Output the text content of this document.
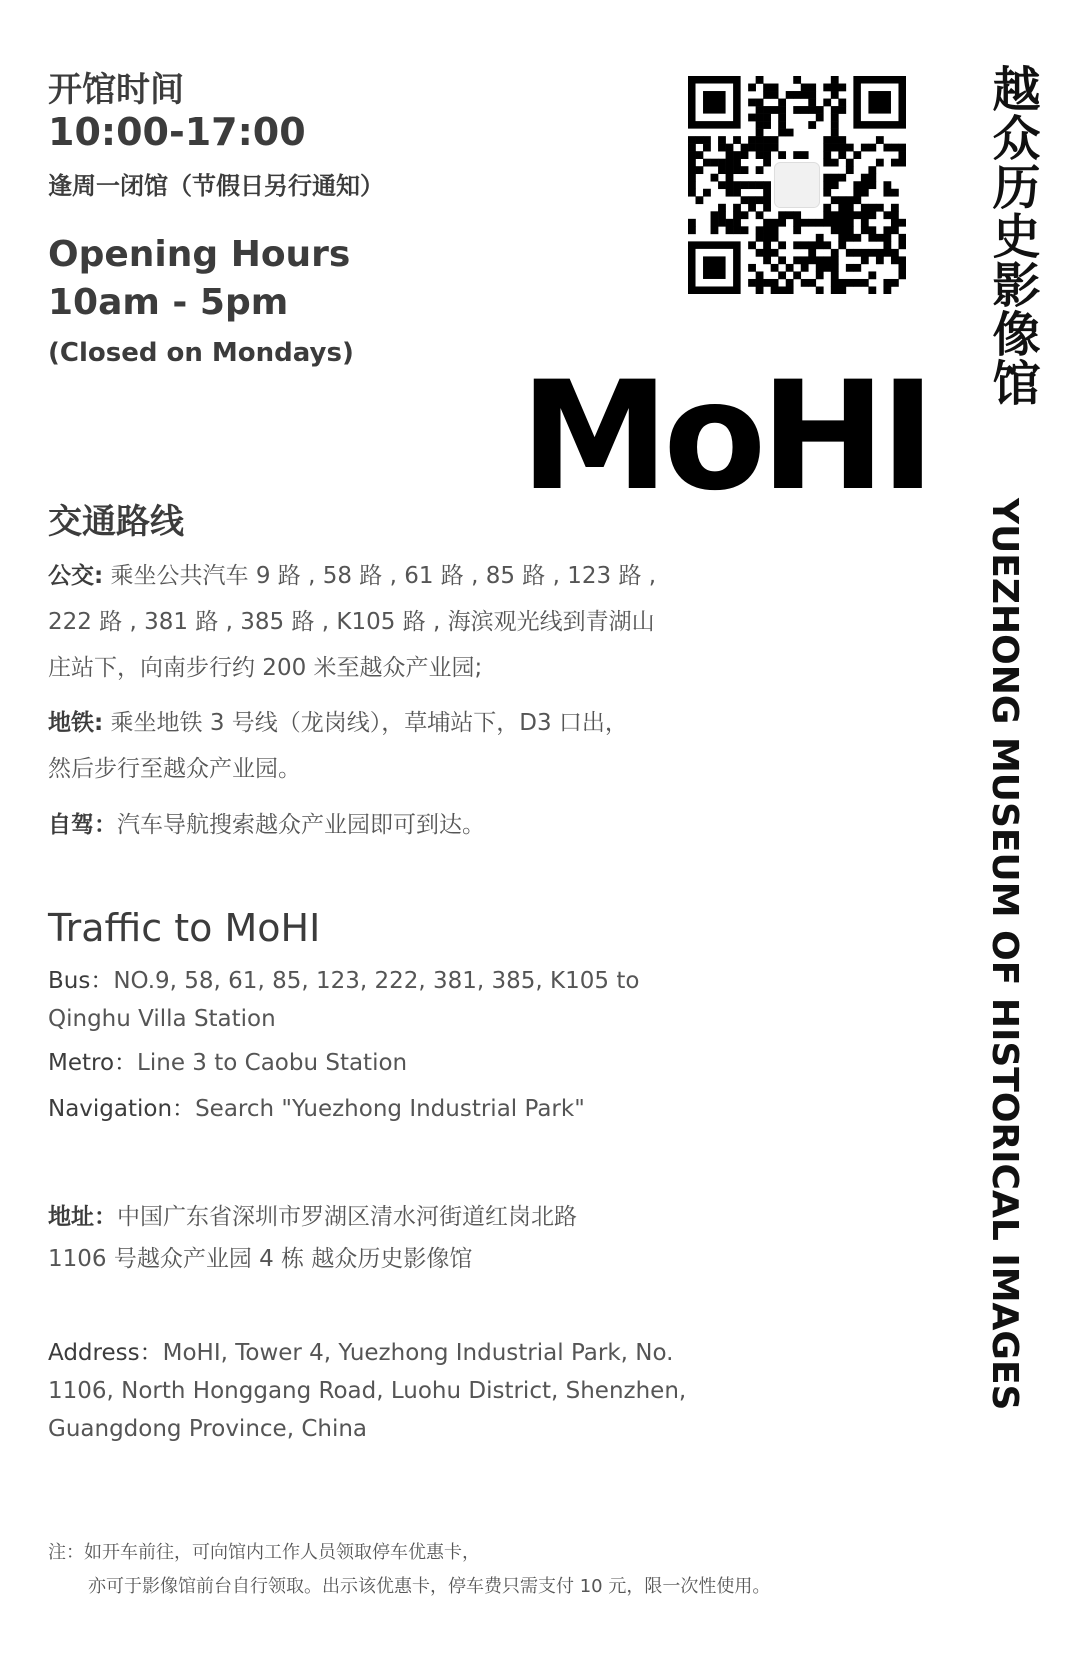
开馆时间
10:00-17:00
逢周一闭馆（节假日另行通知）
Opening Hours
10am - 5pm
(Closed on Mondays) MoHI
越众历史影像馆
YUEZHONG MUSEUM OF HISTORICAL IMAGES
交通路线
公交: 乘坐公共汽车 9 路 , 58 路 , 61 路 , 85 路 , 123 路 ,
222 路 , 381 路 , 385 路 , K105 路 , 海滨观光线到青湖山
庄站下，向南步行约 200 米至越众产业园;
地铁: 乘坐地铁 3 号线（龙岗线），草埔站下，D3 口出，
然后步行至越众产业园。
自驾：汽车导航搜索越众产业园即可到达。
Traffic to MoHI
Bus：NO.9, 58, 61, 85, 123, 222, 381, 385, K105 to
Qinghu Villa Station
Metro：Line 3 to Caobu Station
Navigation：Search "Yuezhong Industrial Park"
地址：中国广东省深圳市罗湖区清水河街道红岗北路
1106 号越众产业园 4 栋 越众历史影像馆
Address：MoHI, Tower 4, Yuezhong Industrial Park, No.
1106, North Honggang Road, Luohu District, Shenzhen,
Guangdong Province, China
注：如开车前往，可向馆内工作人员领取停车优惠卡，
亦可于影像馆前台自行领取。出示该优惠卡，停车费只需支付 10 元，限一次性使用。
